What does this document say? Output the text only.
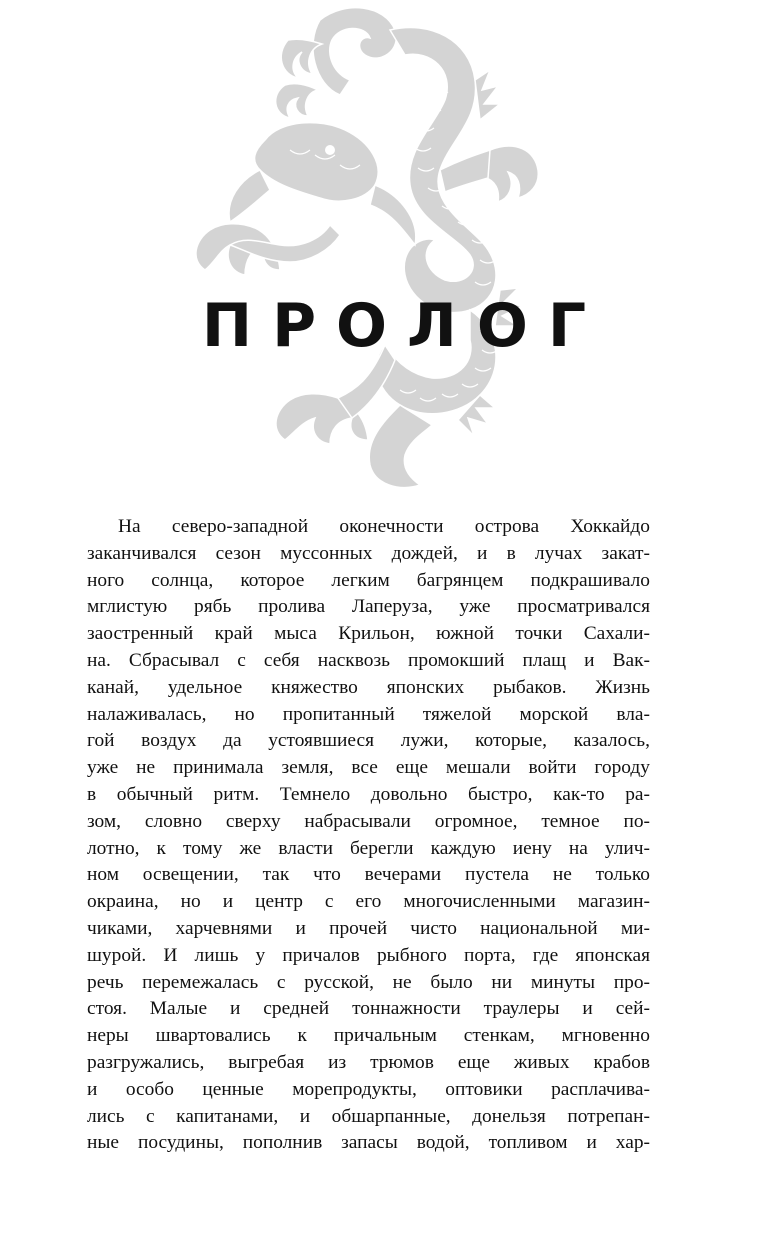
ПРОЛОГ
На северо-западной оконечности острова Хоккайдо
заканчивался сезон муссонных дождей, и в лучах закат-
ного солнца, которое легким багрянцем подкрашивало
мглистую рябь пролива Лаперуза, уже просматривался
заостренный край мыса Крильон, южной точки Сахали-
на. Сбрасывал с себя насквозь промокший плащ и Вак-
канай, удельное княжество японских рыбаков. Жизнь
налаживалась, но пропитанный тяжелой морской вла-
гой воздух да устоявшиеся лужи, которые, казалось,
уже не принимала земля, все еще мешали войти городу
в обычный ритм. Темнело довольно быстро, как-то ра-
зом, словно сверху набрасывали огромное, темное по-
лотно, к тому же власти берегли каждую иену на улич-
ном освещении, так что вечерами пустела не только
окраина, но и центр с его многочисленными магазин-
чиками, харчевнями и прочей чисто национальной ми-
шурой. И лишь у причалов рыбного порта, где японская
речь перемежалась с русской, не было ни минуты про-
стоя. Малые и средней тоннажности траулеры и сей-
неры швартовались к причальным стенкам, мгновенно
разгружались, выгребая из трюмов еще живых крабов
и особо ценные морепродукты, оптовики расплачива-
лись с капитанами, и обшарпанные, донельзя потрепан-
ные посудины, пополнив запасы водой, топливом и хар-
